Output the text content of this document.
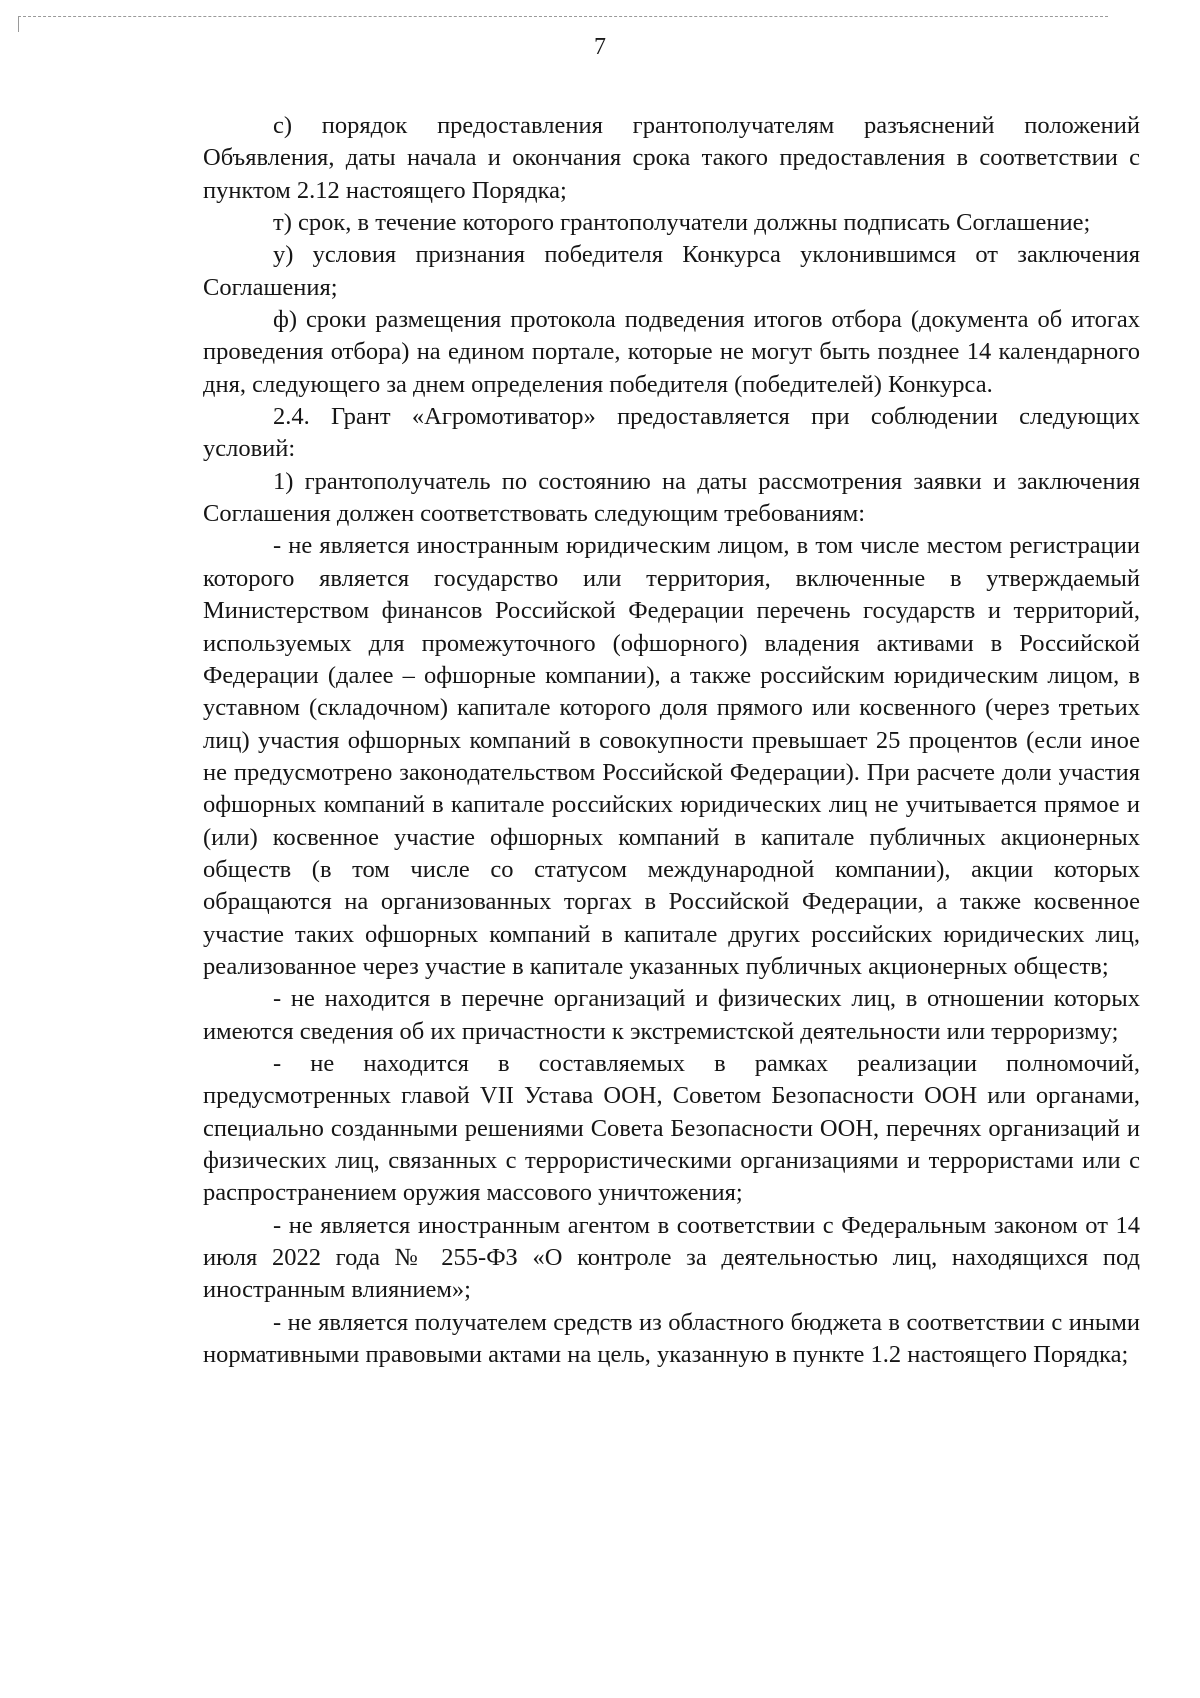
7

с) порядок предоставления грантополучателям разъяснений положений Объявления, даты начала и окончания срока такого предоставления в соответствии с пунктом 2.12 настоящего Порядка;

т) срок, в течение которого грантополучатели должны подписать Соглашение;

у) условия признания победителя Конкурса уклонившимся от заключения Соглашения;

ф) сроки размещения протокола подведения итогов отбора (документа об итогах проведения отбора) на едином портале, которые не могут быть позднее 14 календарного дня, следующего за днем определения победителя (победителей) Конкурса.

2.4. Грант «Агромотиватор» предоставляется при соблюдении следующих условий:

1) грантополучатель по состоянию на даты рассмотрения заявки и заключения Соглашения должен соответствовать следующим требованиям:

- не является иностранным юридическим лицом, в том числе местом регистрации которого является государство или территория, включенные в утверждаемый Министерством финансов Российской Федерации перечень государств и территорий, используемых для промежуточного (офшорного) владения активами в Российской Федерации (далее – офшорные компании), а также российским юридическим лицом, в уставном (складочном) капитале которого доля прямого или косвенного (через третьих лиц) участия офшорных компаний в совокупности превышает 25 процентов (если иное не предусмотрено законодательством Российской Федерации). При расчете доли участия офшорных компаний в капитале российских юридических лиц не учитывается прямое и (или) косвенное участие офшорных компаний в капитале публичных акционерных обществ (в том числе со статусом международной компании), акции которых обращаются на организованных торгах в Российской Федерации, а также косвенное участие таких офшорных компаний в капитале других российских юридических лиц, реализованное через участие в капитале указанных публичных акционерных обществ;

- не находится в перечне организаций и физических лиц, в отношении которых имеются сведения об их причастности к экстремистской деятельности или терроризму;

- не находится в составляемых в рамках реализации полномочий, предусмотренных главой VII Устава ООН, Советом Безопасности ООН или органами, специально созданными решениями Совета Безопасности ООН, перечнях организаций и физических лиц, связанных с террористическими организациями и террористами или с распространением оружия массового уничтожения;

- не является иностранным агентом в соответствии с Федеральным законом от 14 июля 2022 года № 255-ФЗ «О контроле за деятельностью лиц, находящихся под иностранным влиянием»;

- не является получателем средств из областного бюджета в соответствии с иными нормативными правовыми актами на цель, указанную в пункте 1.2 настоящего Порядка;
